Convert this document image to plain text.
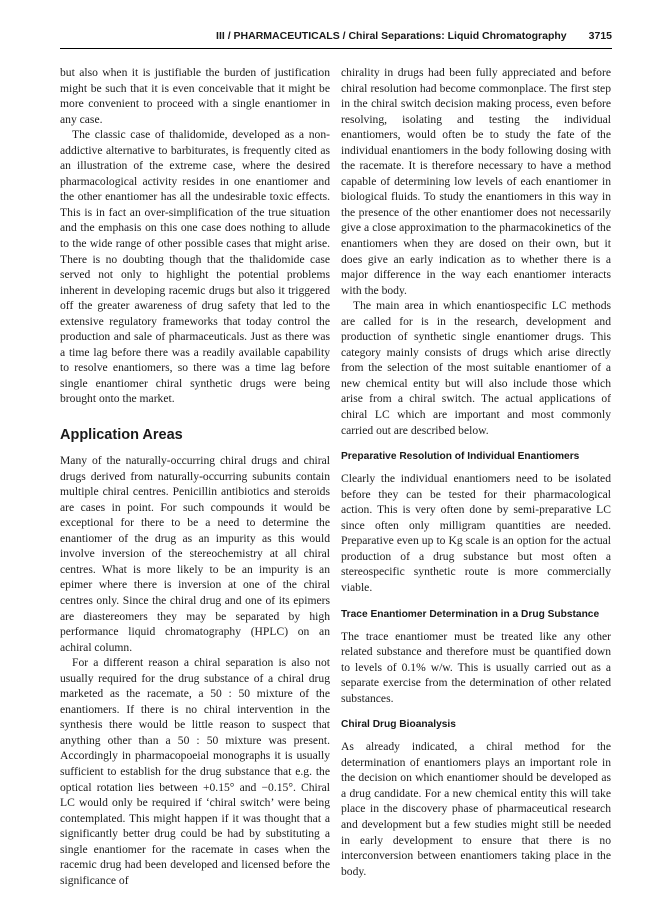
III / PHARMACEUTICALS / Chiral Separations: Liquid Chromatography 3715

but also when it is justifiable the burden of justification might be such that it is even conceivable that it might be more convenient to proceed with a single enantiomer in any case.

The classic case of thalidomide, developed as a non-addictive alternative to barbiturates, is frequently cited as an illustration of the extreme case, where the desired pharmacological activity resides in one enantiomer and the other enantiomer has all the undesirable toxic effects. This is in fact an over-simplification of the true situation and the emphasis on this one case does nothing to allude to the wide range of other possible cases that might arise. There is no doubting though that the thalidomide case served not only to highlight the potential problems inherent in developing racemic drugs but also it triggered off the greater awareness of drug safety that led to the extensive regulatory frameworks that today control the production and sale of pharmaceuticals. Just as there was a time lag before there was a readily available capability to resolve enantiomers, so there was a time lag before single enantiomer chiral synthetic drugs were being brought onto the market.

Application Areas

Many of the naturally-occurring chiral drugs and chiral drugs derived from naturally-occurring subunits contain multiple chiral centres. Penicillin antibiotics and steroids are cases in point. For such compounds it would be exceptional for there to be a need to determine the enantiomer of the drug as an impurity as this would involve inversion of the stereochemistry at all chiral centres. What is more likely to be an impurity is an epimer where there is inversion at one of the chiral centres only. Since the chiral drug and one of its epimers are diastereomers they may be separated by high performance liquid chromatography (HPLC) on an achiral column.

For a different reason a chiral separation is also not usually required for the drug substance of a chiral drug marketed as the racemate, a 50 : 50 mixture of the enantiomers. If there is no chiral intervention in the synthesis there would be little reason to suspect that anything other than a 50 : 50 mixture was present. Accordingly in pharmacopoeial monographs it is usually sufficient to establish for the drug substance that e.g. the optical rotation lies between +0.15° and −0.15°. Chiral LC would only be required if ‘chiral switch’ were being contemplated. This might happen if it was thought that a significantly better drug could be had by substituting a single enantiomer for the racemate in cases when the racemic drug had been developed and licensed before the significance of

chirality in drugs had been fully appreciated and before chiral resolution had become commonplace. The first step in the chiral switch decision making process, even before resolving, isolating and testing the individual enantiomers, would often be to study the fate of the individual enantiomers in the body following dosing with the racemate. It is therefore necessary to have a method capable of determining low levels of each enantiomer in biological fluids. To study the enantiomers in this way in the presence of the other enantiomer does not necessarily give a close approximation to the pharmacokinetics of the enantiomers when they are dosed on their own, but it does give an early indication as to whether there is a major difference in the way each enantiomer interacts with the body.

The main area in which enantiospecific LC methods are called for is in the research, development and production of synthetic single enantiomer drugs. This category mainly consists of drugs which arise directly from the selection of the most suitable enantiomer of a new chemical entity but will also include those which arise from a chiral switch. The actual applications of chiral LC which are important and most commonly carried out are described below.

Preparative Resolution of Individual Enantiomers

Clearly the individual enantiomers need to be isolated before they can be tested for their pharmacological action. This is very often done by semi-preparative LC since often only milligram quantities are needed. Preparative even up to Kg scale is an option for the actual production of a drug substance but most often a stereospecific synthetic route is more commercially viable.

Trace Enantiomer Determination in a Drug Substance

The trace enantiomer must be treated like any other related substance and therefore must be quantified down to levels of 0.1% w/w. This is usually carried out as a separate exercise from the determination of other related substances.

Chiral Drug Bioanalysis

As already indicated, a chiral method for the determination of enantiomers plays an important role in the decision on which enantiomer should be developed as a drug candidate. For a new chemical entity this will take place in the discovery phase of pharmaceutical research and development but a few studies might still be needed in early development to ensure that there is no interconversion between enantiomers taking place in the body.
